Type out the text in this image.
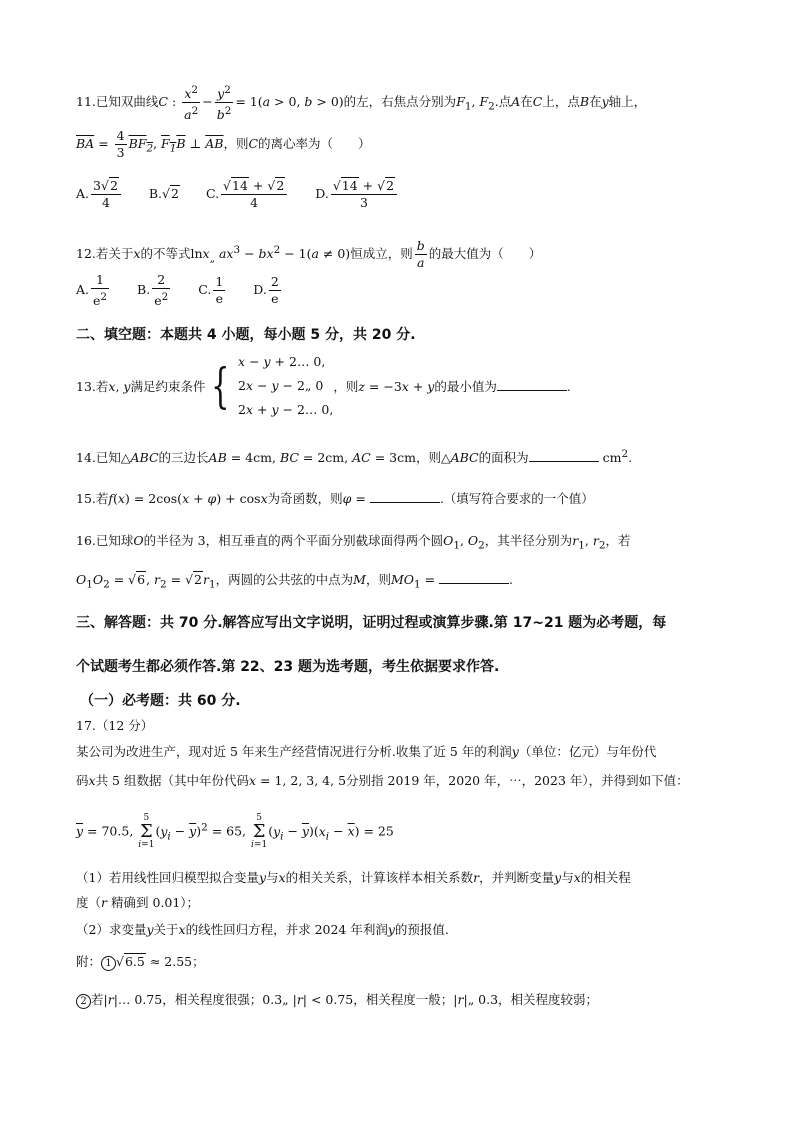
11.已知双曲线C : $\frac{x^2}{a^2} - \frac{y^2}{b^2} = 1(a > 0$, b > 0)的左，右焦点分别为$F_1$, $F_2$.点A在C上，点B在y轴上，
$\overline{BA} = \frac{4}{3} BF_2$, $F_1B$ ⊥ $\overline{AB}$，则C的离心率为（　　）
A. $\frac{3√2}{4} B.√2$ C. $\frac{√14 + √2}{4} D$. $\frac{√14 + √2}{3}$
12.若关于x的不等式lnx$_„$ $ax^3 - bx^2 - 1(a \ne 0)$恒成立，则 $\frac{b}{a}$ 的最大值为（　　）
A. $\frac{1}{e^2} B$. $\frac{2}{e^2} C$. $\frac{1}{e} D$. $\frac{2}{e}$
二、填空题：本题共 4 小题，每小题 5 分，共 20 分.
13.若x, y满足约束条件 { x − y + 2… 0,
2x − y − 2„ 0
2x + y − 2… 0,，则z = −3x + y的最小值为	.
14.已知△ABC的三边长AB = 4cm, BC = 2cm, AC = 3cm，则△ABC的面积为	$cm^2$.
15.若f(x) = 2cos(x + φ) + cosx为奇函数，则φ =	.（填写符合要求的一个值）
16.已知球O的半径为 3，相互垂直的两个平面分别截球面得两个圆$O_1$, $O_2$，其半径分别为$r_1$, $r_2$，若
$O_1O_2 = √6$, $r_2 = √2r_1$，两圆的公共弦的中点为M，则$MO_1$ =	.
三、解答题：共 70 分.解答应写出文字说明，证明过程或演算步骤.第 17~21 题为必考题，每
个试题考生都必须作答.第 22、23 题为选考题，考生依据要求作答.
（一）必考题：共 60 分.
17.（12 分）
某公司为改进生产，现对近 5 年来生产经营情况进行分析.收集了近 5 年的利润y（单位：亿元）与年份代
码x共 5 组数据（其中年份代码x = 1, 2, 3, 4, 5分别指 2019 年，2020 年，⋯，2023 年），并得到如下值：
$\overline{y} = 70.5$, 5
Σ
$i=1(y_i - \overline{y})^2 = 65$, 5
Σ
$i=1(y_i - \overline{y})(x_i - \overline{x}) = 25$
（1）若用线性回归模型拟合变量y与x的相关关系，计算该样本相关系数r，并判断变量y与x的相关程
度（r 精确到 0.01）；
（2）求变量y关于x的线性回归方程，并求 2024 年利润y的预报值.
附： 1 √6.5 ≈ 2.55；
2 若|r|… 0.75，相关程度很强；0.3„ |r| < 0.75，相关程度一般；|r|„ 0.3，相关程度较弱；
